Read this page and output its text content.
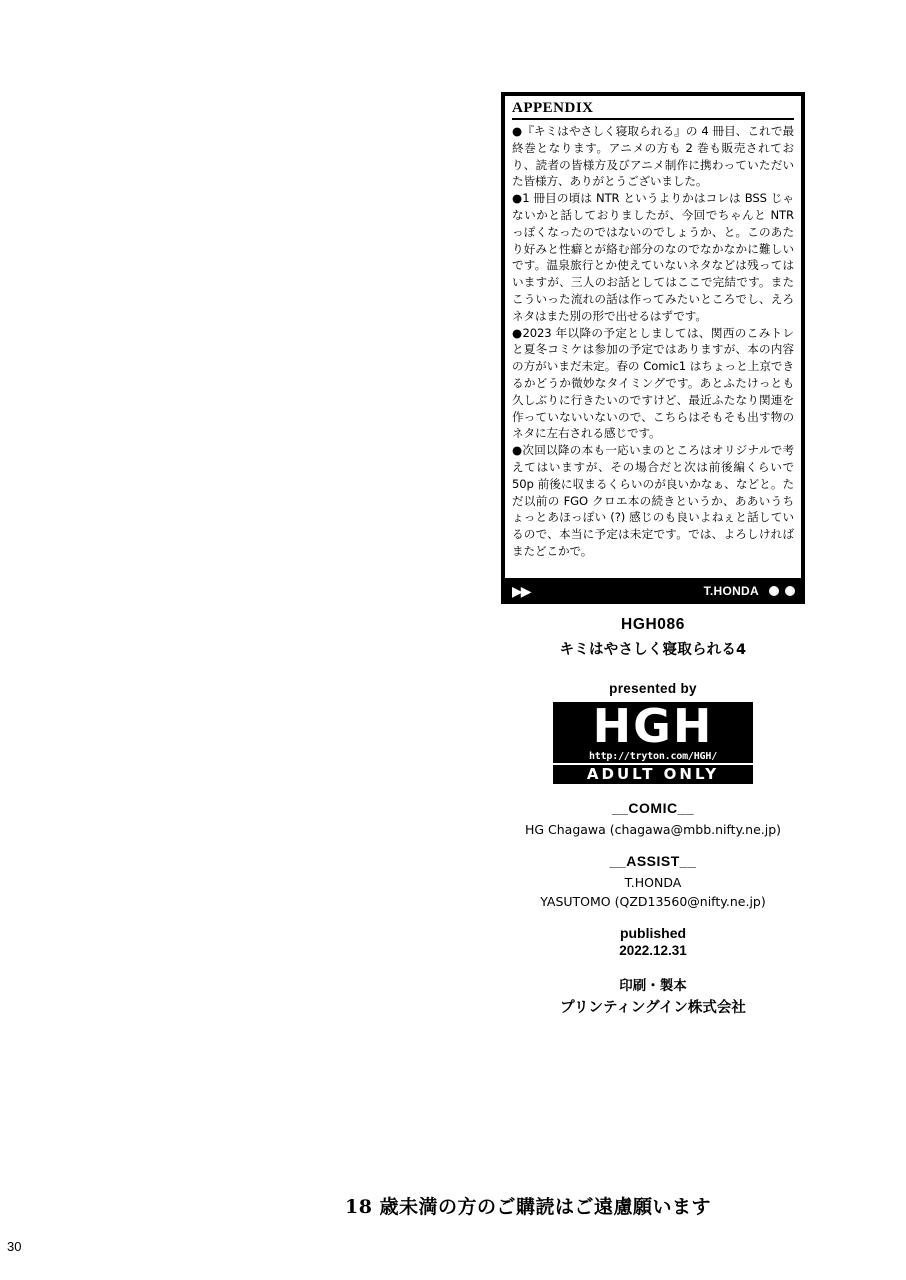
APPENDIX

●『キミはやさしく寝取られる』の 4 冊目、これで最終巻となります。アニメの方も 2 巻も販売されており、読者の皆様方及びアニメ制作に携わっていただいた皆様方、ありがとうございました。

●1 冊目の頃は NTR というよりかはコレは BSS じゃないかと話しておりましたが、今回でちゃんと NTR っぽくなったのではないのでしょうか、と。このあたり好みと性癖とが絡む部分のなのでなかなかに難しいです。温泉旅行とか使えていないネタなどは残ってはいますが、三人のお話としてはここで完結です。またこういった流れの話は作ってみたいところでし、えろネタはまた別の形で出せるはずです。

●2023 年以降の予定としましては、関西のこみトレと夏冬コミケは参加の予定ではありますが、本の内容の方がいまだ未定。春の Comic1 はちょっと上京できるかどうか微妙なタイミングです。あとふたけっとも久しぶりに行きたいのですけど、最近ふたなり関連を作っていないいないので、こちらはそもそも出す物のネタに左右される感じです。

●次回以降の本も一応いまのところはオリジナルで考えてはいますが、その場合だと次は前後編くらいで 50p 前後に収まるくらいのが良いかなぁ、などと。ただ以前の FGO クロエ本の続きというか、ああいうちょっとあほっぽい (?) 感じのも良いよねぇと話しているので、本当に予定は未定です。では、よろしければまたどこかで。

▶▶	T.HONDA
HGH086
キミはやさしく寝取られる4
presented by
HGH
http://tryton.com/HGH/
ADULT ONLY
__COMIC__
HG Chagawa (chagawa@mbb.nifty.ne.jp)
__ASSIST__
T.HONDA
YASUTOMO (QZD13560@nifty.ne.jp)
published
2022.12.31
印刷・製本
プリンティングイン株式会社
18 歳未満の方のご購読はご遠慮願います
30
